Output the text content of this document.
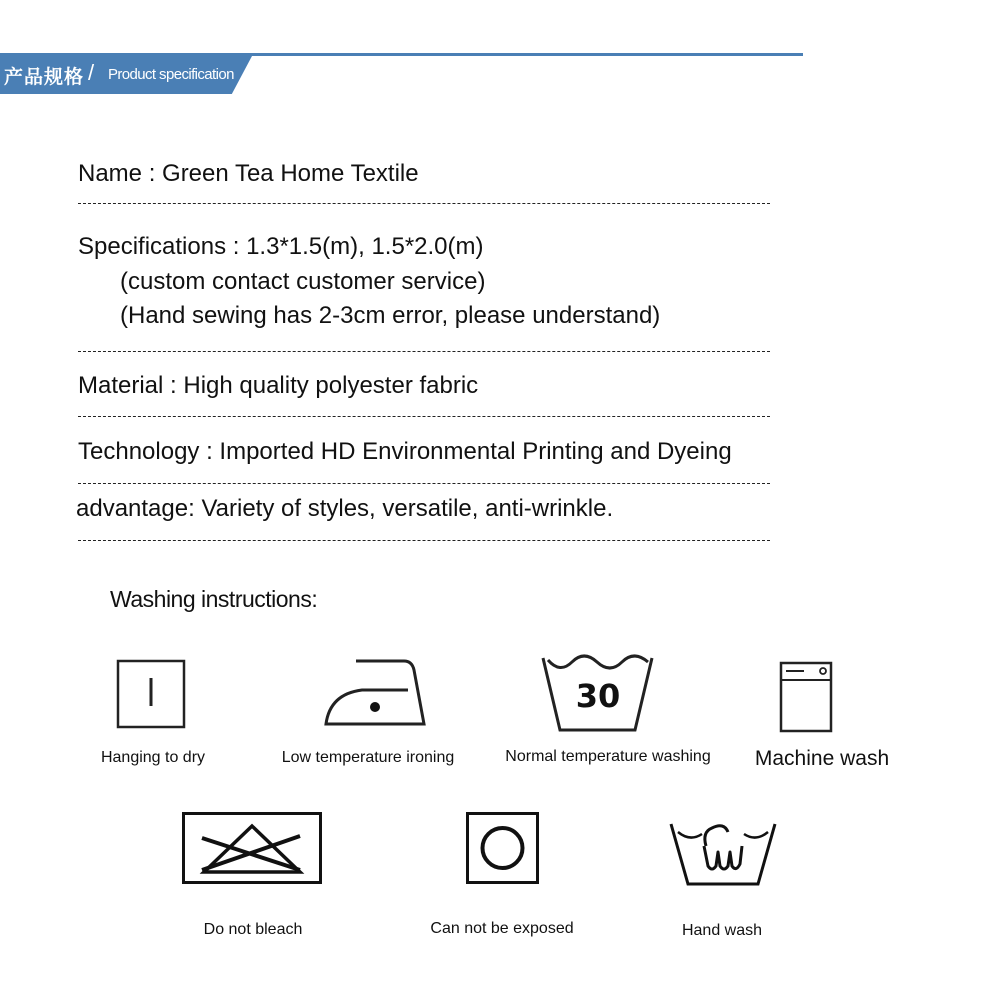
产品规格 / Product specification
Name : Green Tea Home Textile
Specifications : 1.3*1.5(m), 1.5*2.0(m)
(custom contact customer service)
(Hand sewing has 2-3cm error, please understand)
Material : High quality polyester fabric
Technology : Imported HD Environmental Printing and Dyeing
advantage: Variety of styles, versatile, anti-wrinkle.
Washing instructions:
Hanging to dry	Low temperature ironing
30
Normal temperature washing Machine wash
Do not bleach	Can not be exposed	Hand wash
